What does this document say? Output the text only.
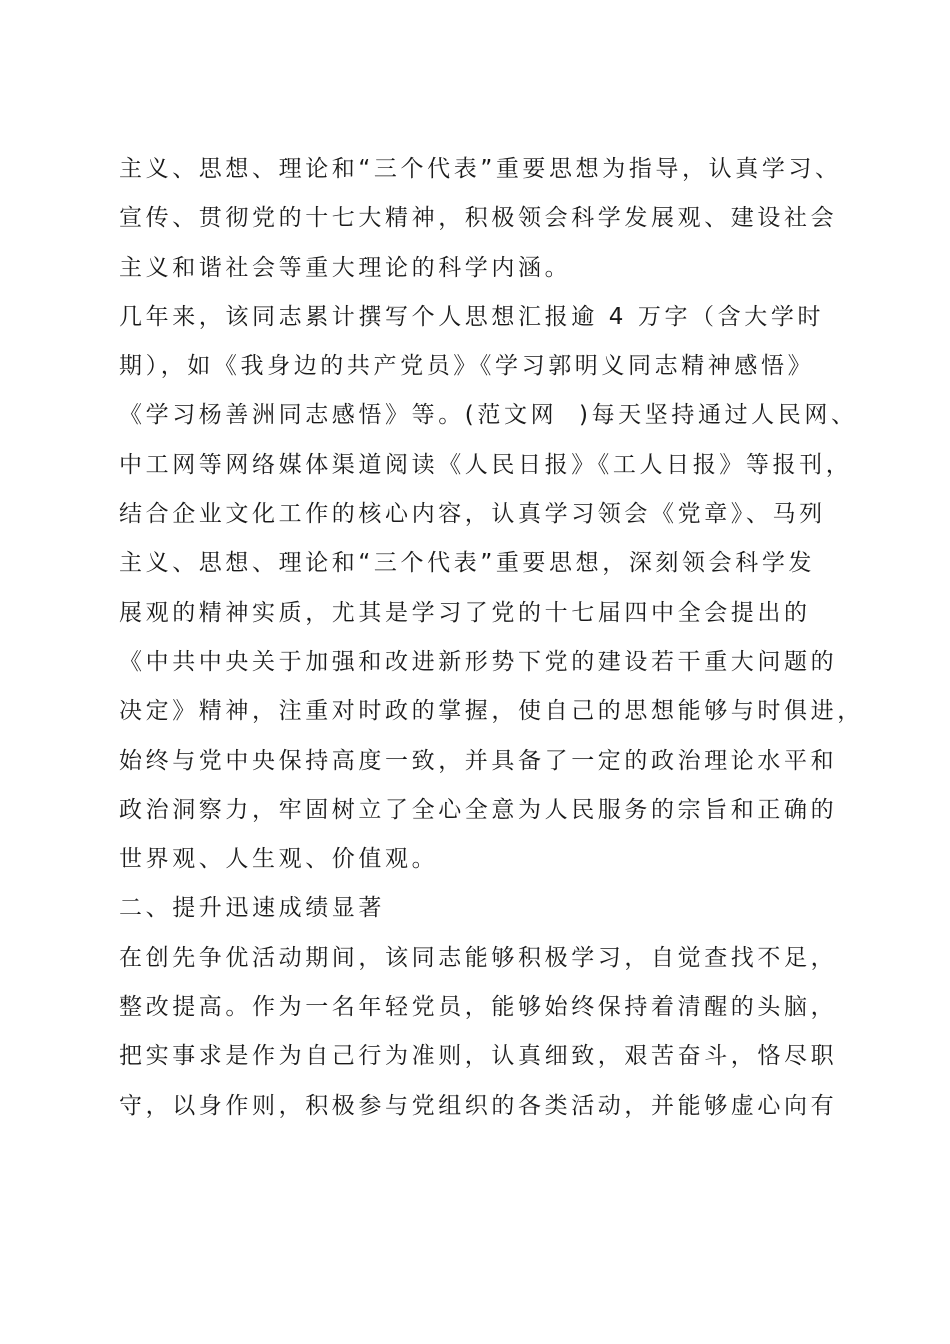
主义、思想、理论和“三个代表”重要思想为指导，认真学习、
宣传、贯彻党的十七大精神，积极领会科学发展观、建设社会
主义和谐社会等重大理论的科学内涵。
几年来，该同志累计撰写个人思想汇报逾 4 万字（含大学时
期），如《我身边的共产党员》《学习郭明义同志精神感悟》
《学习杨善洲同志感悟》等。(范文网  )每天坚持通过人民网、
中工网等网络媒体渠道阅读《人民日报》《工人日报》等报刊，
结合企业文化工作的核心内容，认真学习领会《党章》、马列
主义、思想、理论和“三个代表”重要思想，深刻领会科学发
展观的精神实质，尤其是学习了党的十七届四中全会提出的
《中共中央关于加强和改进新形势下党的建设若干重大问题的
决定》精神，注重对时政的掌握，使自己的思想能够与时俱进，
始终与党中央保持高度一致，并具备了一定的政治理论水平和
政治洞察力，牢固树立了全心全意为人民服务的宗旨和正确的
世界观、人生观、价值观。
二、提升迅速成绩显著
在创先争优活动期间，该同志能够积极学习，自觉查找不足，
整改提高。作为一名年轻党员，能够始终保持着清醒的头脑，
把实事求是作为自己行为准则，认真细致，艰苦奋斗，恪尽职
守，以身作则，积极参与党组织的各类活动，并能够虚心向有
